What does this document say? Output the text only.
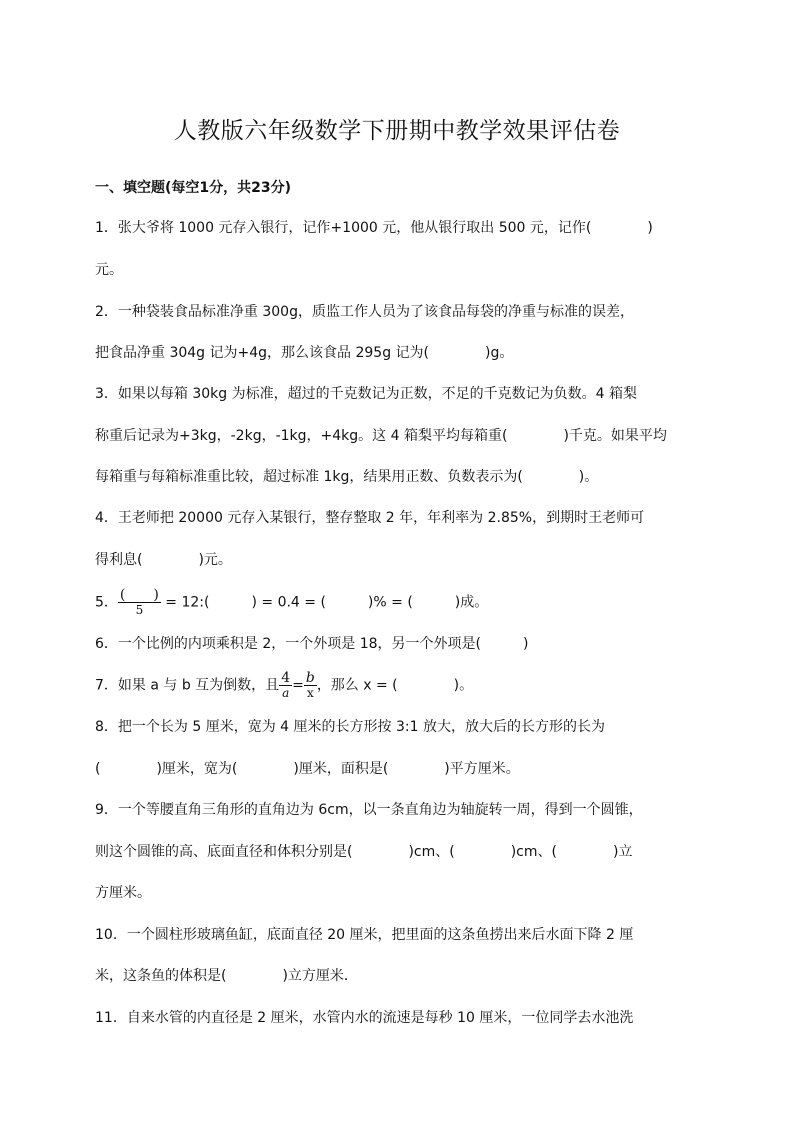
人教版六年级数学下册期中教学效果评估卷
一、填空题(每空1分，共23分)
1．张大爷将 1000 元存入银行，记作+1000 元，他从银行取出 500 元，记作(　　　　)
元。
2．一种袋装食品标准净重 300g，质监工作人员为了该食品每袋的净重与标准的误差，
把食品净重 304g 记为+4g，那么该食品 295g 记为(　　　　)g。
3．如果以每箱 30kg 为标准，超过的千克数记为正数，不足的千克数记为负数。4 箱梨
称重后记录为+3kg，-2kg，-1kg，+4kg。这 4 箱梨平均每箱重(　　　　)千克。如果平均
每箱重与每箱标准重比较，超过标准 1kg，结果用正数、负数表示为(　　　　)。
4．王老师把 20000 元存入某银行，整存整取 2 年，年利率为 2.85%，到期时王老师可
得利息(　　　　)元。
5． $\frac{( )}{5}$ = 12:(　　　) = 0.4 = (　　　)% = (　　　)成。
6．一个比例的内项乘积是 2，一个外项是 18，另一个外项是(　　　)
7．如果 a 与 b 互为倒数，且 $\frac{4}{a} = \frac{b}{x}$ ，那么 x = (　　　　)。
8．把一个长为 5 厘米，宽为 4 厘米的长方形按 3:1 放大，放大后的长方形的长为
(　　　　)厘米，宽为(　　　　)厘米，面积是(　　　　)平方厘米。
9．一个等腰直角三角形的直角边为 6cm，以一条直角边为轴旋转一周，得到一个圆锥，
则这个圆锥的高、底面直径和体积分别是(　　　　)cm、(　　　　)cm、(　　　　)立
方厘米。
10．一个圆柱形玻璃鱼缸，底面直径 20 厘米，把里面的这条鱼捞出来后水面下降 2 厘
米，这条鱼的体积是(　　　　)立方厘米．
11．自来水管的内直径是 2 厘米，水管内水的流速是每秒 10 厘米，一位同学去水池洗
